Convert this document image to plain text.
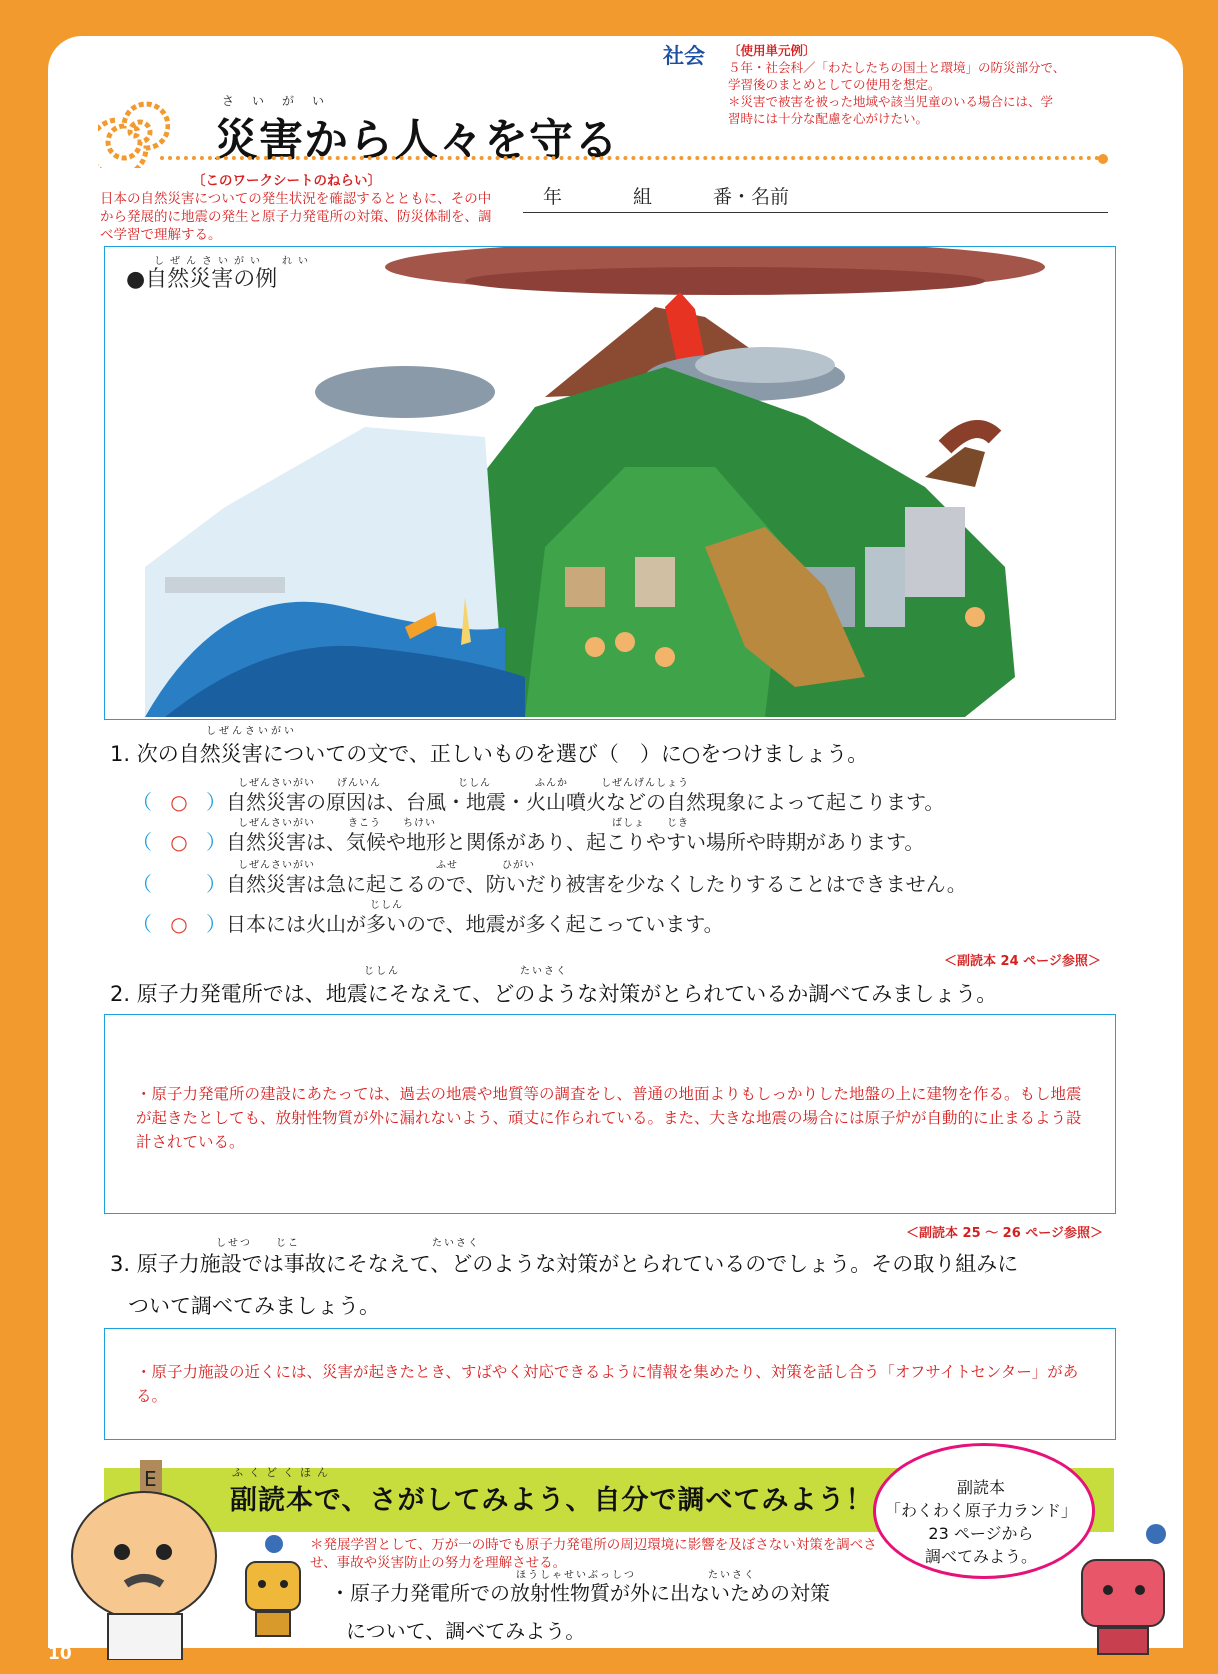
●副読本「わくわく原子力ランド」ワークシート８	社会	〔使用単元例〕
５年・社会科／「わたしたちの国土と環境」の防災部分で、
学習後のまとめとしての使用を想定。
＊災害で被害を被った地域や該当児童のいる場合には、学
習時には十分な配慮を心がけたい。
さいがい
災害から人々を守る
〔このワークシートのねらい〕
日本の自然災害についての発生状況を確認するとともに、その中から発展的に地震の発生と原子力発電所の対策、防災体制を、調べ学習で理解する。
年	組	番・名前
しぜんさいがい　れい
●自然災害の例
しぜんさいがい
1. 次の自然災害についての文で、正しいものを選び（　）に○をつけましょう。
しぜんさいがい　　げんいん　　　　　　　じしん　　　　ふんか　　　しぜんげんしょう
（ ○ ）自然災害の原因は、台風・地震・火山噴火などの自然現象によって起こります。
しぜんさいがい　　　きこう　　ちけい　　　　　　　　　　　　　　　　ばしょ　　じき
（ ○ ）自然災害は、気候や地形と関係があり、起こりやすい場所や時期があります。
しぜんさいがい　　　　　　　　　　　ふせ　　　　ひがい
（	）自然災害は急に起こるので、防いだり被害を少なくしたりすることはできません。
　　　　　　　　　　　　じしん
（ ○ ）日本には火山が多いので、地震が多く起こっています。
＜副読本 24 ページ参照＞
じしん　　　　　　　　　　たいさく
2. 原子力発電所では、地震にそなえて、どのような対策がとられているか調べてみましょう。
・原子力発電所の建設にあたっては、過去の地震や地質等の調査をし、普通の地面よりもしっかりした地盤の上に建物を作る。もし地震が起きたとしても、放射性物質が外に漏れないよう、頑丈に作られている。また、大きな地震の場合には原子炉が自動的に止まるよう設計されている。
＜副読本 25 ～ 26 ページ参照＞
しせつ　　じこ　　　　　　　　　　　たいさく
3. 原子力施設では事故にそなえて、どのような対策がとられているのでしょう。その取り組みに
ついて調べてみましょう。
・原子力施設の近くには、災害が起きたとき、すばやく対応できるように情報を集めたり、対策を話し合う「オフサイトセンター」がある。
ふくどくほん
副読本で、さがしてみよう、自分で調べてみよう！	副読本
「わくわく原子力ランド」
23 ページから
調べてみよう。
E
＊発展学習として、万が一の時でも原子力発電所の周辺環境に影響を及ぼさない対策を調べさせ、事故や災害防止の努力を理解させる。
ほうしゃせいぶっしつ　　　　　　たいさく
・原子力発電所での放射性物質が外に出ないための対策
について、調べてみよう。
10
